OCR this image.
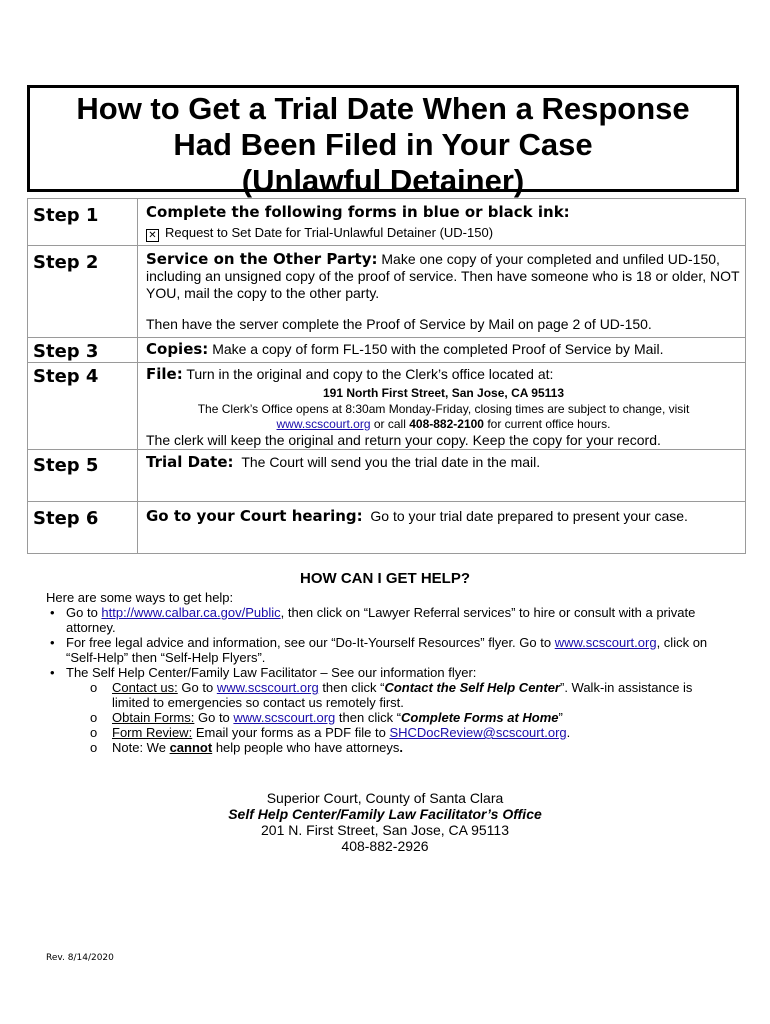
How to Get a Trial Date When a Response
Had Been Filed in Your Case
(Unlawful Detainer)
Step 1	Complete the following forms in blue or black ink:
✕ Request to Set Date for Trial-Unlawful Detainer (UD-150)

Step 2	Service on the Other Party: Make one copy of your completed and unfiled UD-150, including an unsigned copy of the proof of service. Then have someone who is 18 or older, NOT YOU, mail the copy to the other party.
Then have the server complete the Proof of Service by Mail on page 2 of UD-150.

Step 3	Copies: Make a copy of form FL-150 with the completed Proof of Service by Mail.
Step 4	File: Turn in the original and copy to the Clerk’s office located at:
191 North First Street, San Jose, CA 95113
The Clerk’s Office opens at 8:30am Monday-Friday, closing times are subject to change, visit
www.scscourt.org or call 408-882-2100 for current office hours.
The clerk will keep the original and return your copy. Keep the copy for your record.

Step 5	Trial Date: The Court will send you the trial date in the mail.
Step 6	Go to your Court hearing: Go to your trial date prepared to present your case.
HOW CAN I GET HELP?
Here are some ways to get help:
• Go to http://www.calbar.ca.gov/Public, then click on “Lawyer Referral services” to hire or consult with a private attorney.
• For free legal advice and information, see our “Do-It-Yourself Resources” flyer. Go to www.scscourt.org, click on “Self-Help” then “Self-Help Flyers”.
• The Self Help Center/Family Law Facilitator – See our information flyer:
o Contact us: Go to www.scscourt.org then click “Contact the Self Help Center”. Walk-in assistance is limited to emergencies so contact us remotely first.
o Obtain Forms: Go to www.scscourt.org then click “Complete Forms at Home”
o Form Review: Email your forms as a PDF file to SHCDocReview@scscourt.org.
o Note: We cannot help people who have attorneys.
Superior Court, County of Santa Clara
Self Help Center/Family Law Facilitator’s Office
201 N. First Street, San Jose, CA 95113
408-882-2926
Rev. 8/14/2020
